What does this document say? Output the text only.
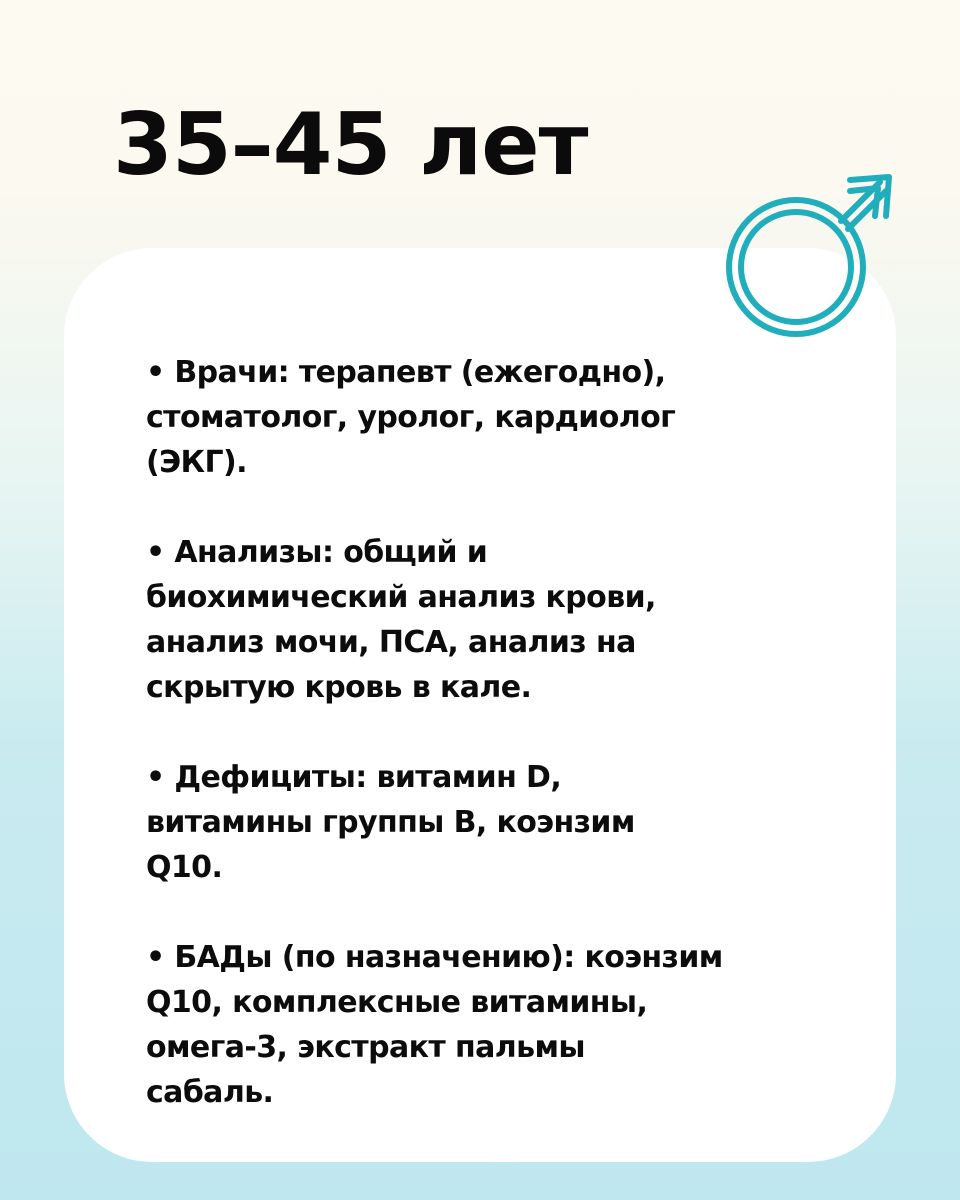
35–45 лет
• Врачи: терапевт (ежегодно),
стоматолог, уролог, кардиолог
(ЭКГ).
• Анализы: общий и
биохимический анализ крови,
анализ мочи, ПСА, анализ на
скрытую кровь в кале.
• Дефициты: витамин D,
витамины группы B, коэнзим
Q10.
• БАДы (по назначению): коэнзим
Q10, комплексные витамины,
омега-3, экстракт пальмы
сабаль.
